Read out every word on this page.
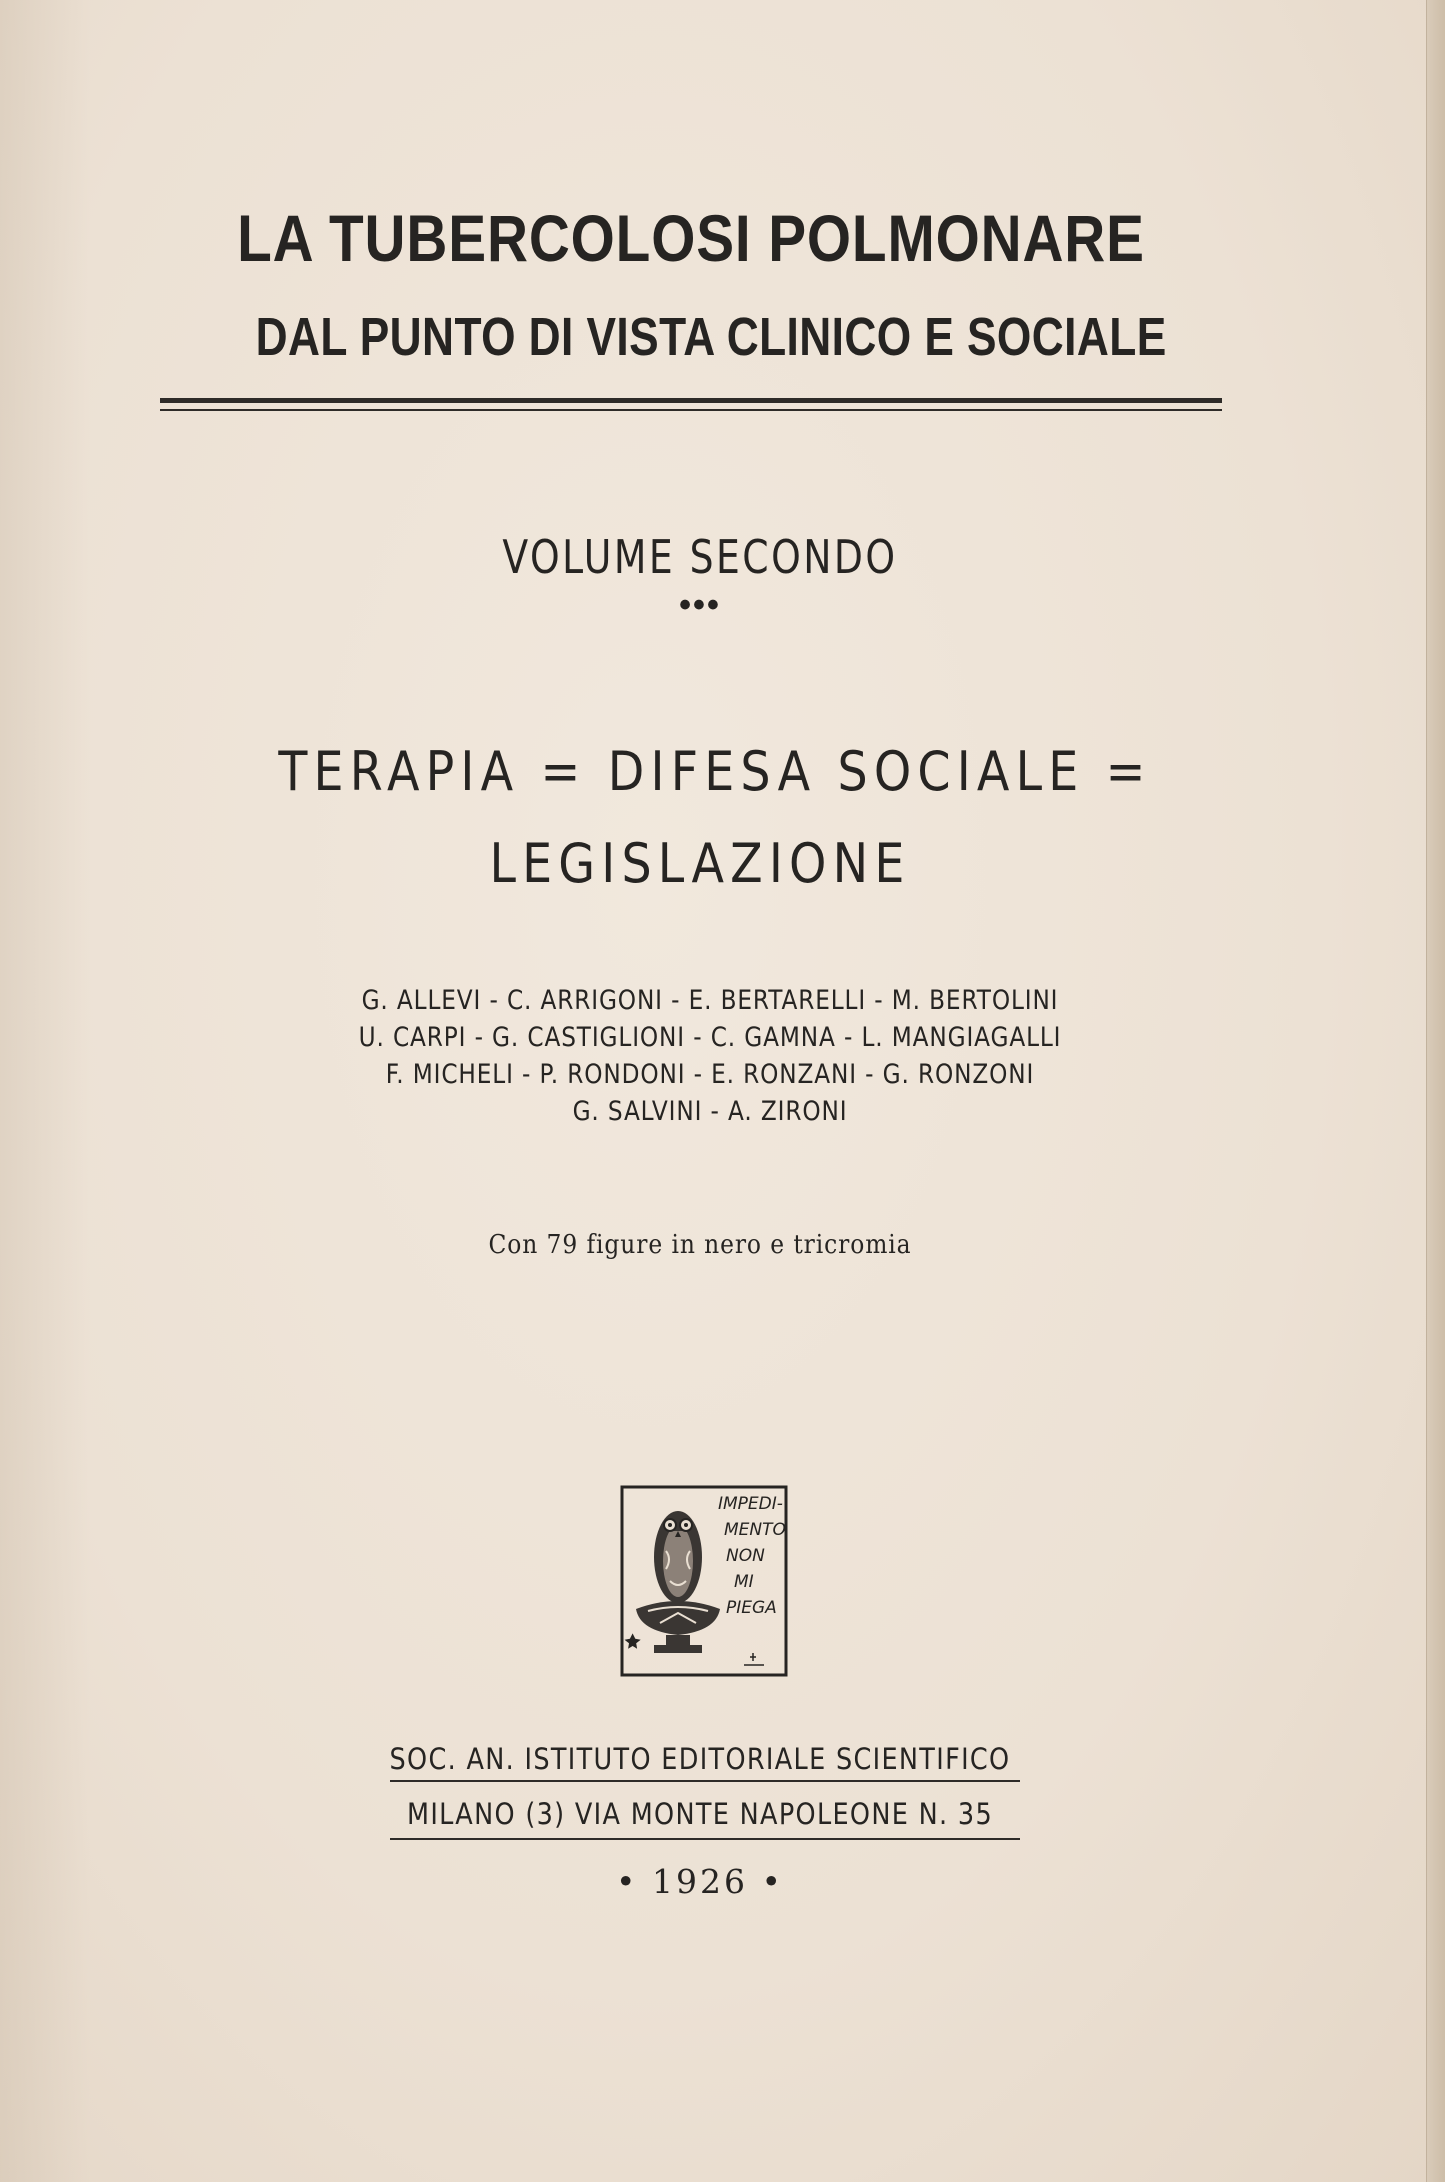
LA TUBERCOLOSI POLMONARE
DAL PUNTO DI VISTA CLINICO E SOCIALE
VOLUME SECONDO
•••
TERAPIA = DIFESA SOCIALE =
LEGISLAZIONE
G. ALLEVI - C. ARRIGONI - E. BERTARELLI - M. BERTOLINI
U. CARPI - G. CASTIGLIONI - C. GAMNA - L. MANGIAGALLI
F. MICHELI - P. RONDONI - E. RONZANI - G. RONZONI
G. SALVINI - A. ZIRONI
Con 79 figure in nero e tricromia
IMPEDI-
MENTO
NON
MI
PIEGA
SOC. AN. ISTITUTO EDITORIALE SCIENTIFICO
MILANO (3) VIA MONTE NAPOLEONE N. 35
• 1926 •
